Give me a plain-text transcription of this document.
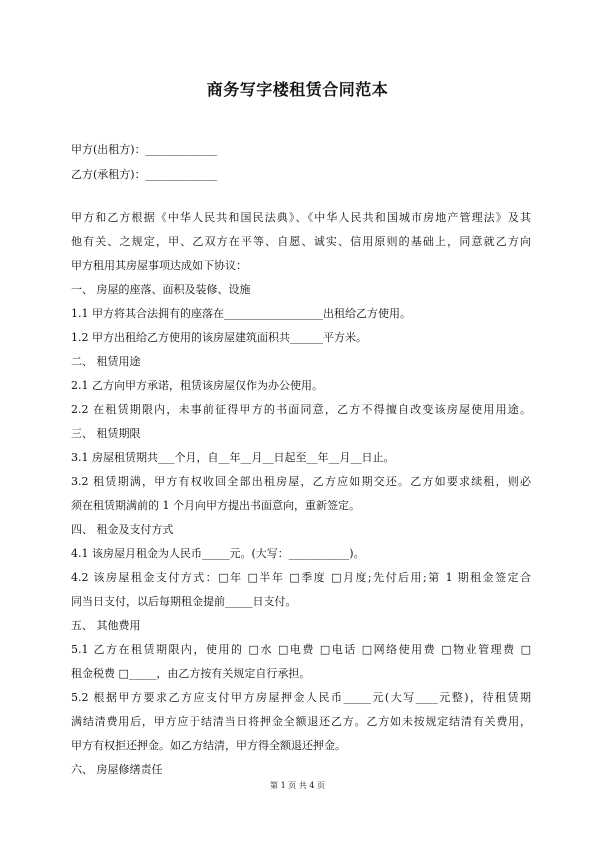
商务写字楼租赁合同范本
甲方(出租方)：_____________
乙方(承租方)：_____________
甲方和乙方根据《中华人民共和国民法典》、《中华人民共和国城市房地产管理法》及其
他有关、之规定，甲、乙双方在平等、自愿、诚实、信用原则的基础上，同意就乙方向
甲方租用其房屋事项达成如下协议：
一、 房屋的座落、面积及装修、设施
1.1 甲方将其合法拥有的座落在__________________出租给乙方使用。
1.2 甲方出租给乙方使用的该房屋建筑面积共______平方米。
二、 租赁用途
2.1 乙方向甲方承诺，租赁该房屋仅作为办公使用。
2.2 在租赁期限内，未事前征得甲方的书面同意，乙方不得擅自改变该房屋使用用途。
三、 租赁期限
3.1 房屋租赁期共___个月，自__年__月__日起至__年__月__日止。
3.2 租赁期满，甲方有权收回全部出租房屋，乙方应如期交还。乙方如要求续租，则必
须在租赁期满前的 1 个月向甲方提出书面意向，重新签定。
四、 租金及支付方式
4.1 该房屋月租金为人民币_____元。(大写：___________)。
4.2 该房屋租金支付方式：□年 □半年 □季度 □月度;先付后用;第 1 期租金签定合
同当日支付，以后每期租金提前_____日支付。
五、 其他费用
5.1 乙方在租赁期限内，使用的 □水 □电费 □电话 □网络使用费 □物业管理费 □
租金税费 □_____，由乙方按有关规定自行承担。
5.2 根据甲方要求乙方应支付甲方房屋押金人民币_____元(大写____元整)，待租赁期
满结清费用后，甲方应于结清当日将押金全额退还乙方。乙方如未按规定结清有关费用，
甲方有权拒还押金。如乙方结清，甲方得全额退还押金。
六、 房屋修缮责任
第 1 页 共 4 页
